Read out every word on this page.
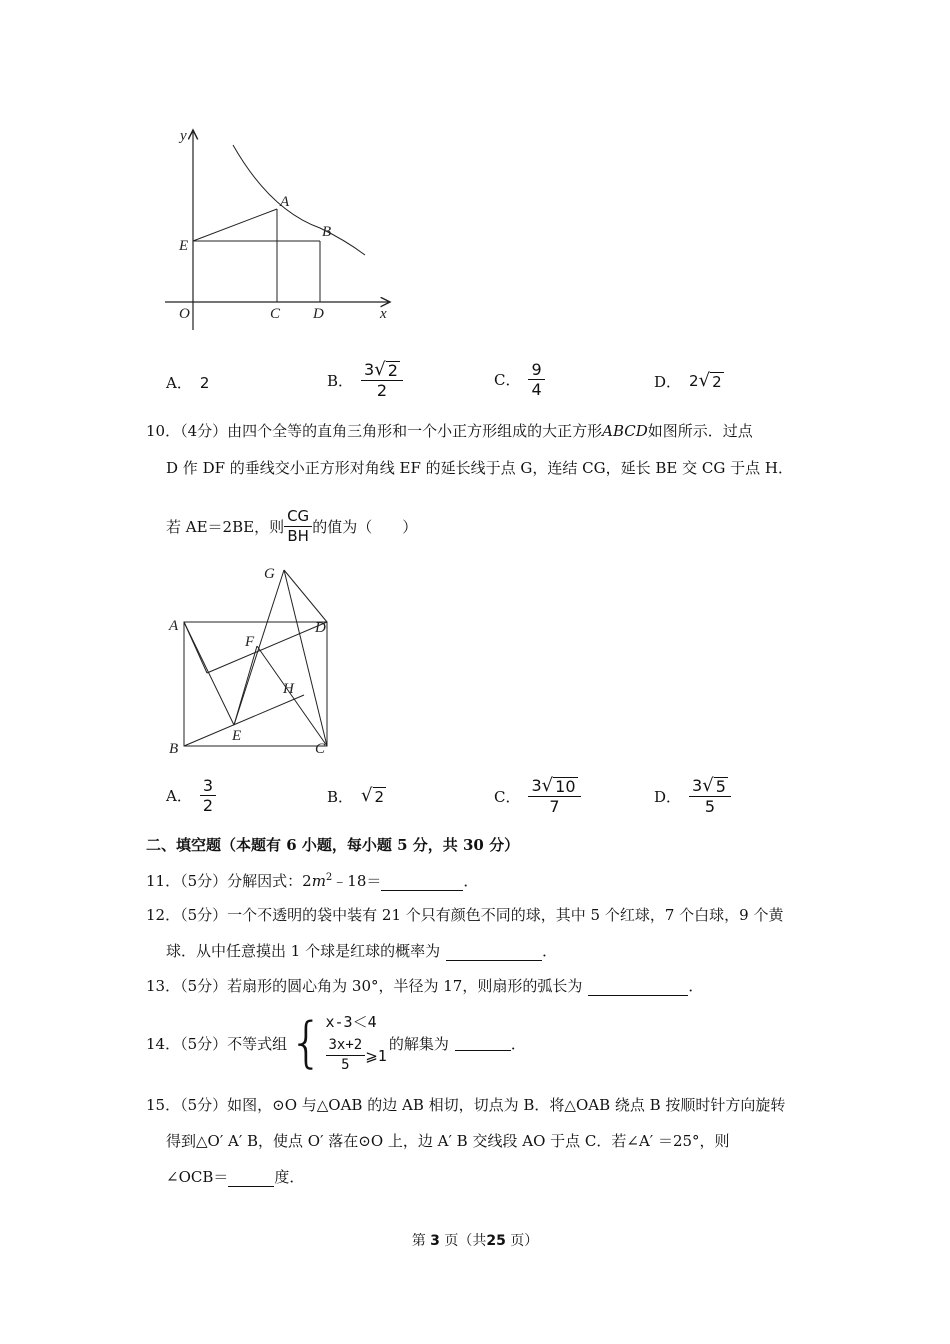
y
x
O
A
B
C D
E
A． 2	B． $\frac{3 √ 2}{2}$	C． $\frac{9}{4}$	D． 2 √ 2
10．（4分）由四个全等的直角三角形和一个小正方形组成的大正方形ABCD如图所示．过点
D 作 DF 的垂线交小正方形对角线 EF 的延长线于点 G，连结 CG，延长 BE 交 CG 于点 H．
若 AE＝2BE，则 $\frac{CG}{BH}$ 的值为（　　）
G
A	D
F
H
B
E
C
A． $\frac{3}{2}$	B． √ 2	C． $\frac{3 √ 10}{7}$	D． $\frac{3 √ 5}{5}$
二、填空题（本题有 6 小题，每小题 5 分，共 30 分）
11．（5分）分解因式：$2m^2﹣18=$	．
12．（5分）一个不透明的袋中装有 21 个只有颜色不同的球，其中 5 个红球，7 个白球，9 个黄
球．从中任意摸出 1 个球是红球的概率为	．
13．（5分）若扇形的圆心角为 30°，半径为 17，则扇形的弧长为	．
14．（5分）不等式组 { x-3＜4
$\frac{3x+2}{5}$ ⩾1
的解集为	．
15．（5分）如图，⊙O 与△OAB 的边 AB 相切，切点为 B．将△OAB 绕点 B 按顺时针方向旋转
得到△O′ A′ B，使点 O′ 落在⊙O 上，边 A′ B 交线段 AO 于点 C．若∠A′ ＝25°，则
∠OCB＝	度．
第 3 页（共25 页）
